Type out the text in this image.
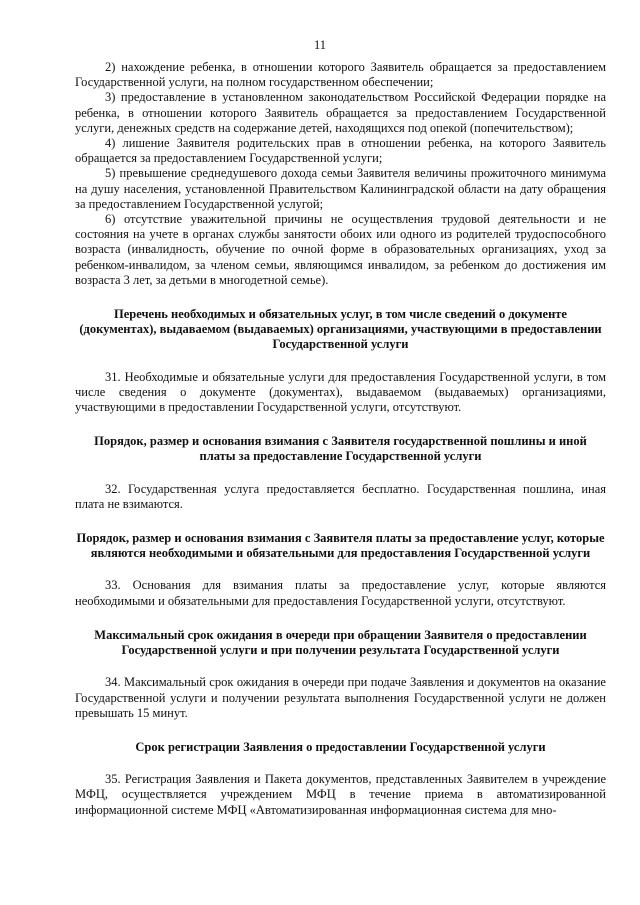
11

2) нахождение ребенка, в отношении которого Заявитель обращается за предоставлением Государственной услуги, на полном государственном обеспечении;

3) предоставление в установленном законодательством Российской Федерации порядке на ребенка, в отношении которого Заявитель обращается за предоставлением Государственной услуги, денежных средств на содержание детей, находящихся под опекой (попечительством);

4) лишение Заявителя родительских прав в отношении ребенка, на которого Заявитель обращается за предоставлением Государственной услуги;

5) превышение среднедушевого дохода семьи Заявителя величины прожиточного минимума на душу населения, установленной Правительством Калининградской области на дату обращения за предоставлением Государственной услугой;

6) отсутствие уважительной причины не осуществления трудовой деятельности и не состояния на учете в органах службы занятости обоих или одного из родителей трудоспособного возраста (инвалидность, обучение по очной форме в образовательных организациях, уход за ребенком-инвалидом, за членом семьи, являющимся инвалидом, за ребенком до достижения им возраста 3 лет, за детьми в многодетной семье).

Перечень необходимых и обязательных услуг, в том числе сведений о документе (документах), выдаваемом (выдаваемых) организациями, участвующими в предоставлении Государственной услуги

31. Необходимые и обязательные услуги для предоставления Государственной услуги, в том числе сведения о документе (документах), выдаваемом (выдаваемых) организациями, участвующими в предоставлении Государственной услуги, отсутствуют.

Порядок, размер и основания взимания с Заявителя государственной пошлины и иной платы за предоставление Государственной услуги

32. Государственная услуга предоставляется бесплатно. Государственная пошлина, иная плата не взимаются.

Порядок, размер и основания взимания с Заявителя платы за предоставление услуг, которые являются необходимыми и обязательными для предоставления Государственной услуги

33. Основания для взимания платы за предоставление услуг, которые являются необходимыми и обязательными для предоставления Государственной услуги, отсутствуют.

Максимальный срок ожидания в очереди при обращении Заявителя о предоставлении Государственной услуги и при получении результата Государственной услуги

34. Максимальный срок ожидания в очереди при подаче Заявления и документов на оказание Государственной услуги и получении результата выполнения Государственной услуги не должен превышать 15 минут.

Срок регистрации Заявления о предоставлении Государственной услуги

35. Регистрация Заявления и Пакета документов, представленных Заявителем в учреждение МФЦ, осуществляется учреждением МФЦ в течение приема в автоматизированной информационной системе МФЦ «Автоматизированная информационная система для мно-
